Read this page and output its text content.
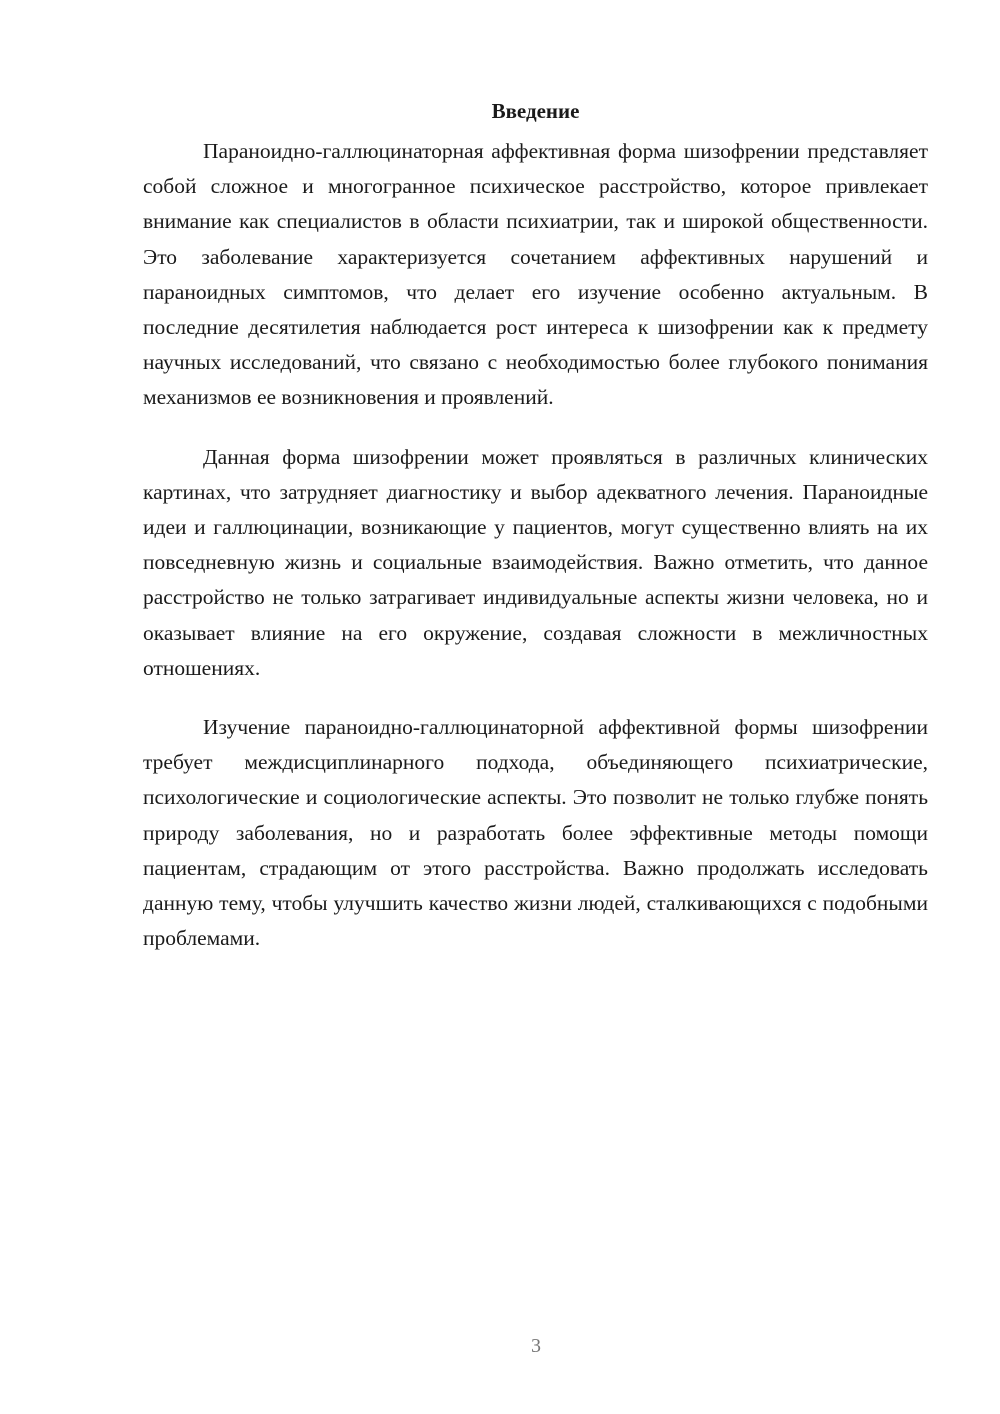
Введение

Параноидно-галлюцинаторная аффективная форма шизофрении представляет собой сложное и многогранное психическое расстройство, которое привлекает внимание как специалистов в области психиатрии, так и широкой общественности. Это заболевание характеризуется сочетанием аффективных нарушений и параноидных симптомов, что делает его изучение особенно актуальным. В последние десятилетия наблюдается рост интереса к шизофрении как к предмету научных исследований, что связано с необходимостью более глубокого понимания механизмов ее возникновения и проявлений.

Данная форма шизофрении может проявляться в различных клинических картинах, что затрудняет диагностику и выбор адекватного лечения. Параноидные идеи и галлюцинации, возникающие у пациентов, могут существенно влиять на их повседневную жизнь и социальные взаимодействия. Важно отметить, что данное расстройство не только затрагивает индивидуальные аспекты жизни человека, но и оказывает влияние на его окружение, создавая сложности в межличностных отношениях.

Изучение параноидно-галлюцинаторной аффективной формы шизофрении требует междисциплинарного подхода, объединяющего психиатрические, психологические и социологические аспекты. Это позволит не только глубже понять природу заболевания, но и разработать более эффективные методы помощи пациентам, страдающим от этого расстройства. Важно продолжать исследовать данную тему, чтобы улучшить качество жизни людей, сталкивающихся с подобными проблемами.

3
